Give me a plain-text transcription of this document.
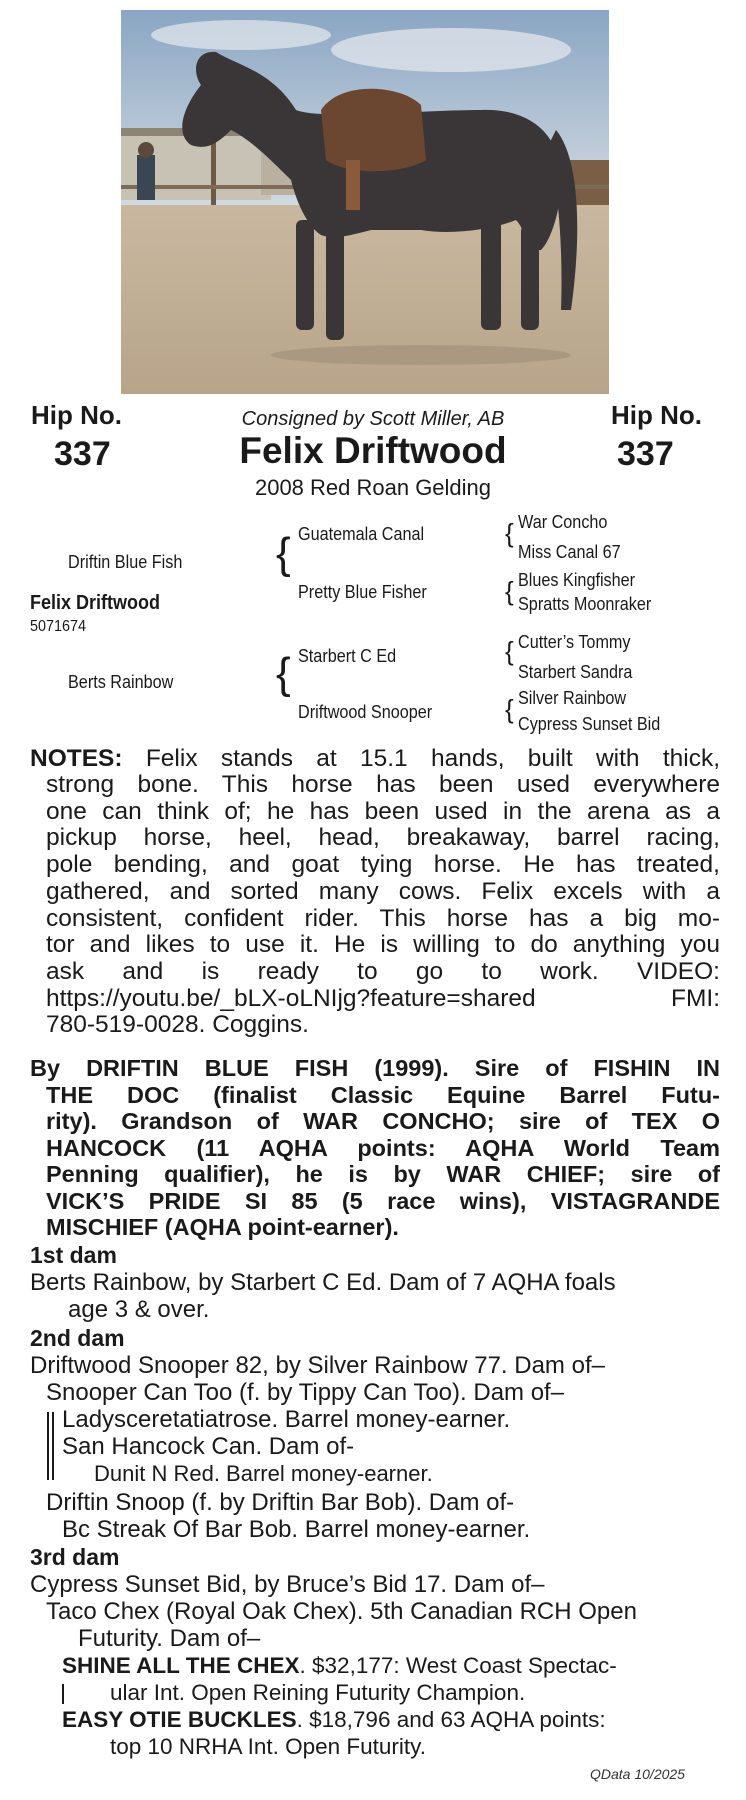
Hip No.
337
Hip No.
337
Consigned by Scott Miller, AB
Felix Driftwood
2008 Red Roan Gelding
Driftin Blue Fish
Felix Driftwood
5071674
Berts Rainbow
{
{
Guatemala Canal
Pretty Blue Fisher
Starbert C Ed
Driftwood Snooper
{
{
{
{
War Concho
Miss Canal 67
Blues Kingfisher
Spratts Moonraker
Cutter’s Tommy
Starbert Sandra
Silver Rainbow
Cypress Sunset Bid
NOTES: Felix stands at 15.1 hands, built with thick,
strong bone. This horse has been used everywhere
one can think of; he has been used in the arena as a
pickup horse, heel, head, breakaway, barrel racing,
pole bending, and goat tying horse. He has treated,
gathered, and sorted many cows. Felix excels with a
consistent, confident rider. This horse has a big mo-
tor and likes to use it. He is willing to do anything you
ask and is ready to go to work. VIDEO:
https://youtu.be/_bLX-oLNIjg?feature=shared FMI:
780-519-0028. Coggins.
By DRIFTIN BLUE FISH (1999). Sire of FISHIN IN
THE DOC (finalist Classic Equine Barrel Futu-
rity). Grandson of WAR CONCHO; sire of TEX O
HANCOCK (11 AQHA points: AQHA World Team
Penning qualifier), he is by WAR CHIEF; sire of
VICK’S PRIDE SI 85 (5 race wins), VISTAGRANDE
MISCHIEF (AQHA point-earner).
1st dam
Berts Rainbow, by Starbert C Ed. Dam of 7 AQHA foals
age 3 & over.
2nd dam
Driftwood Snooper 82, by Silver Rainbow 77. Dam of–
Snooper Can Too (f. by Tippy Can Too). Dam of–
Ladysceretatiatrose. Barrel money-earner.
San Hancock Can. Dam of-
Dunit N Red. Barrel money-earner.
Driftin Snoop (f. by Driftin Bar Bob). Dam of-
Bc Streak Of Bar Bob. Barrel money-earner.
3rd dam
Cypress Sunset Bid, by Bruce’s Bid 17. Dam of–
Taco Chex (Royal Oak Chex). 5th Canadian RCH Open
Futurity. Dam of–
SHINE ALL THE CHEX. $32,177: West Coast Spectac-
ular Int. Open Reining Futurity Champion.
EASY OTIE BUCKLES. $18,796 and 63 AQHA points:
top 10 NRHA Int. Open Futurity.
QData 10/2025
